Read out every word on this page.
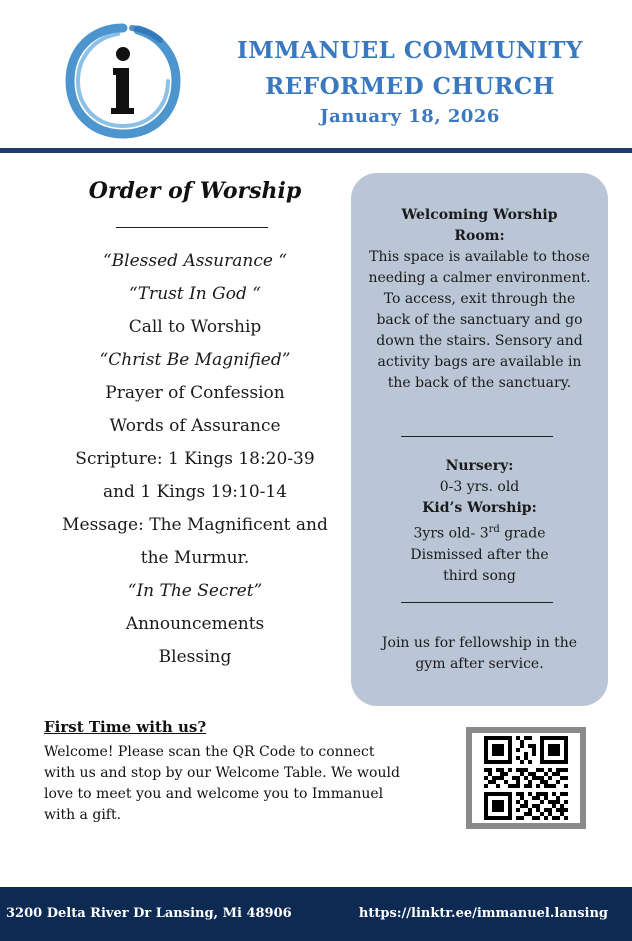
IMMANUEL COMMUNITY
REFORMED CHURCH
January 18, 2026
Order of Worship
“Blessed Assurance “
“Trust In God “
Call to Worship
“Christ Be Magnified”
Prayer of Confession
Words of Assurance
Scripture: 1 Kings 18:20-39
and 1 Kings 19:10-14
Message: The Magnificent and
the Murmur.
“In The Secret”
Announcements
Blessing
Welcoming Worship
Room:
This space is available to those needing a calmer environment. To access, exit through the back of the sanctuary and go down the stairs. Sensory and activity bags are available in the back of the sanctuary.
Nursery:
0-3 yrs. old
Kid’s Worship:
3yrs old- 3rd grade
Dismissed after the
third song
Join us for fellowship in the gym after service.
First Time with us?
Welcome! Please scan the QR Code to connect with us and stop by our Welcome Table. We would love to meet you and welcome you to Immanuel with a gift.
3200 Delta River Dr Lansing, Mi 48906	https://linktr.ee/immanuel.lansing
